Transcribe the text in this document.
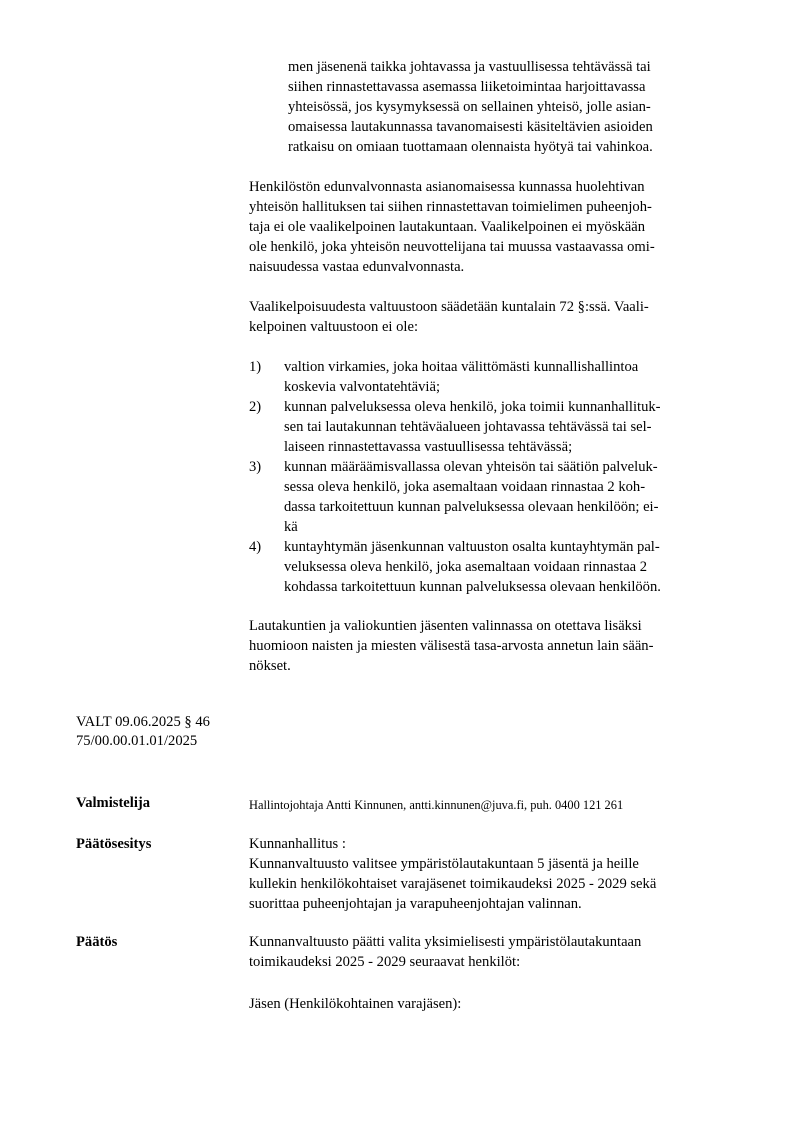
men jäsenenä taikka johtavassa ja vastuullisessa tehtävässä tai
siihen rinnastettavassa asemassa liiketoimintaa harjoittavassa
yhteisössä, jos kysymyksessä on sellainen yhteisö, jolle asian-
omaisessa lautakunnassa tavanomaisesti käsiteltävien asioiden
ratkaisu on omiaan tuottamaan olennaista hyötyä tai vahinkoa.
Henkilöstön edunvalvonnasta asianomaisessa kunnassa huolehtivan
yhteisön hallituksen tai siihen rinnastettavan toimielimen puheenjoh-
taja ei ole vaalikelpoinen lautakuntaan. Vaalikelpoinen ei myöskään
ole henkilö, joka yhteisön neuvottelijana tai muussa vastaavassa omi-
naisuudessa vastaa edunvalvonnasta.
Vaalikelpoisuudesta valtuustoon säädetään kuntalain 72 §:ssä. Vaali-
kelpoinen valtuustoon ei ole:
1) valtion virkamies, joka hoitaa välittömästi kunnallishallintoa
koskevia valvontatehtäviä;
2) kunnan palveluksessa oleva henkilö, joka toimii kunnanhallituk-
sen tai lautakunnan tehtäväalueen johtavassa tehtävässä tai sel-
laiseen rinnastettavassa vastuullisessa tehtävässä;
3) kunnan määräämisvallassa olevan yhteisön tai säätiön palveluk-
sessa oleva henkilö, joka asemaltaan voidaan rinnastaa 2 koh-
dassa tarkoitettuun kunnan palveluksessa olevaan henkilöön; ei-
kä
4) kuntayhtymän jäsenkunnan valtuuston osalta kuntayhtymän pal-
veluksessa oleva henkilö, joka asemaltaan voidaan rinnastaa 2
kohdassa tarkoitettuun kunnan palveluksessa olevaan henkilöön.
Lautakuntien ja valiokuntien jäsenten valinnassa on otettava lisäksi
huomioon naisten ja miesten välisestä tasa-arvosta annetun lain sään-
nökset.
VALT 09.06.2025 § 46
75/00.00.01.01/2025
Valmistelija	Hallintojohtaja Antti Kinnunen, antti.kinnunen@juva.fi, puh. 0400 121 261
Päätösesitys	Kunnanhallitus :
Kunnanvaltuusto valitsee ympäristölautakuntaan 5 jäsentä ja heille
kullekin henkilökohtaiset varajäsenet toimikaudeksi 2025 - 2029 sekä
suorittaa puheenjohtajan ja varapuheenjohtajan valinnan.
Päätös	Kunnanvaltuusto päätti valita yksimielisesti ympäristölautakuntaan
toimikaudeksi 2025 - 2029 seuraavat henkilöt:
Jäsen (Henkilökohtainen varajäsen):
